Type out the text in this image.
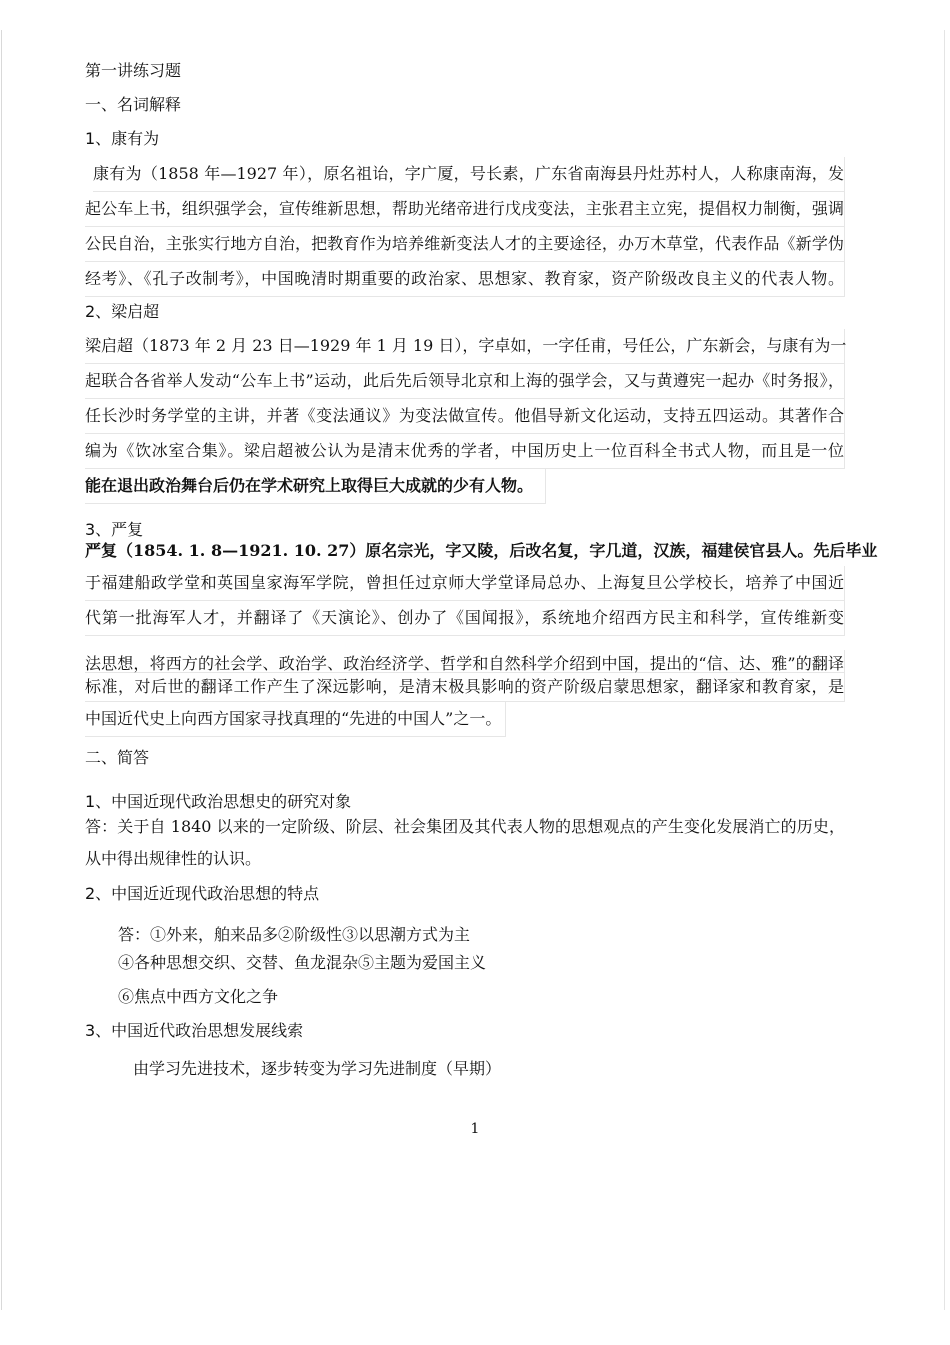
第一讲练习题
一、名词解释
1、康有为
康有为（1858 年—1927 年），原名祖诒，字广厦，号长素，广东省南海县丹灶苏村人，人称康南海，发
起公车上书，组织强学会，宣传维新思想，帮助光绪帝进行戊戌变法，主张君主立宪，提倡权力制衡，强调
公民自治，主张实行地方自治，把教育作为培养维新变法人才的主要途径，办万木草堂，代表作品《新学伪
经考》、《孔子改制考》，中国晚清时期重要的政治家、思想家、教育家，资产阶级改良主义的代表人物。
2、梁启超
梁启超（1873 年 2 月 23 日—1929 年 1 月 19 日），字卓如，一字任甫，号任公，广东新会，与康有为一
起联合各省举人发动“公车上书”运动，此后先后领导北京和上海的强学会，又与黄遵宪一起办《时务报》，
任长沙时务学堂的主讲，并著《变法通议》为变法做宣传。他倡导新文化运动，支持五四运动。其著作合
编为《饮冰室合集》。梁启超被公认为是清末优秀的学者，中国历史上一位百科全书式人物，而且是一位
能在退出政治舞台后仍在学术研究上取得巨大成就的少有人物。
3、严复
严复（1854. 1. 8—1921. 10. 27）原名宗光，字又陵，后改名复，字几道，汉族，福建侯官县人。先后毕业
于福建船政学堂和英国皇家海军学院，曾担任过京师大学堂译局总办、上海复旦公学校长，培养了中国近
代第一批海军人才，并翻译了《天演论》、创办了《国闻报》，系统地介绍西方民主和科学，宣传维新变
法思想，将西方的社会学、政治学、政治经济学、哲学和自然科学介绍到中国，提出的“信、达、雅”的翻译
标准，对后世的翻译工作产生了深远影响，是清末极具影响的资产阶级启蒙思想家，翻译家和教育家，是
中国近代史上向西方国家寻找真理的“先进的中国人”之一。
二、简答
1、中国近现代政治思想史的研究对象
答：关于自 1840 以来的一定阶级、阶层、社会集团及其代表人物的思想观点的产生变化发展消亡的历史，
从中得出规律性的认识。
2、中国近近现代政治思想的特点
答：①外来，舶来品多②阶级性③以思潮方式为主
④各种思想交织、交替、鱼龙混杂⑤主题为爱国主义
⑥焦点中西方文化之争
3、中国近代政治思想发展线索
由学习先进技术，逐步转变为学习先进制度（早期）
1
